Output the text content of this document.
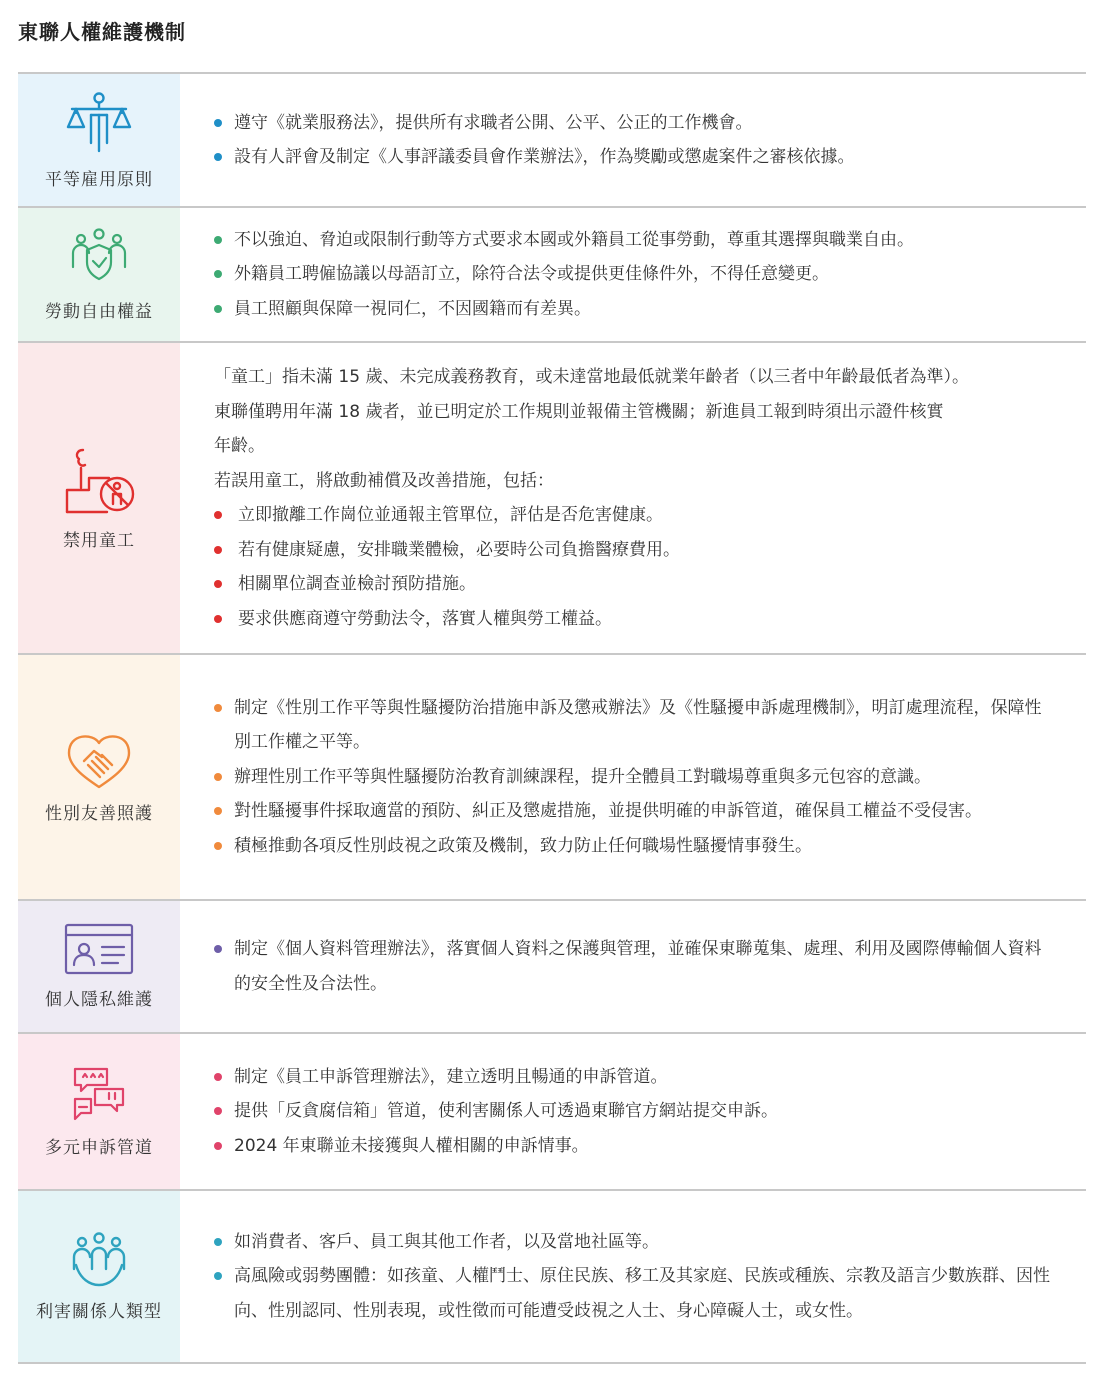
東聯人權維護機制
平等雇用原則
遵守《就業服務法》，提供所有求職者公開、公平、公正的工作機會。
設有人評會及制定《人事評議委員會作業辦法》，作為獎勵或懲處案件之審核依據。
勞動自由權益
不以強迫、脅迫或限制行動等方式要求本國或外籍員工從事勞動，尊重其選擇與職業自由。
外籍員工聘僱協議以母語訂立，除符合法令或提供更佳條件外，不得任意變更。
員工照顧與保障一視同仁，不因國籍而有差異。
禁用童工

「童工」指未滿 15 歲、未完成義務教育，或未達當地最低就業年齡者（以三者中年齡最低者為準）。

東聯僅聘用年滿 18 歲者，並已明定於工作規則並報備主管機關；新進員工報到時須出示證件核實

年齡。

若誤用童工，將啟動補償及改善措施，包括：

立即撤離工作崗位並通報主管單位，評估是否危害健康。
若有健康疑慮，安排職業體檢，必要時公司負擔醫療費用。
相關單位調查並檢討預防措施。
要求供應商遵守勞動法令，落實人權與勞工權益。
性別友善照護
制定《性別工作平等與性騷擾防治措施申訴及懲戒辦法》及《性騷擾申訴處理機制》，明訂處理流程，保障性別工作權之平等。
辦理性別工作平等與性騷擾防治教育訓練課程，提升全體員工對職場尊重與多元包容的意識。
對性騷擾事件採取適當的預防、糾正及懲處措施，並提供明確的申訴管道，確保員工權益不受侵害。
積極推動各項反性別歧視之政策及機制，致力防止任何職場性騷擾情事發生。
個人隱私維護
制定《個人資料管理辦法》，落實個人資料之保護與管理，並確保東聯蒐集、處理、利用及國際傳輸個人資料的安全性及合法性。
多元申訴管道
制定《員工申訴管理辦法》，建立透明且暢通的申訴管道。
提供「反貪腐信箱」管道，使利害關係人可透過東聯官方網站提交申訴。
2024 年東聯並未接獲與人權相關的申訴情事。
利害關係人類型
如消費者、客戶、員工與其他工作者，以及當地社區等。
高風險或弱勢團體：如孩童、人權鬥士、原住民族、移工及其家庭、民族或種族、宗教及語言少數族群、因性向、性別認同、性別表現，或性徵而可能遭受歧視之人士、身心障礙人士，或女性。
